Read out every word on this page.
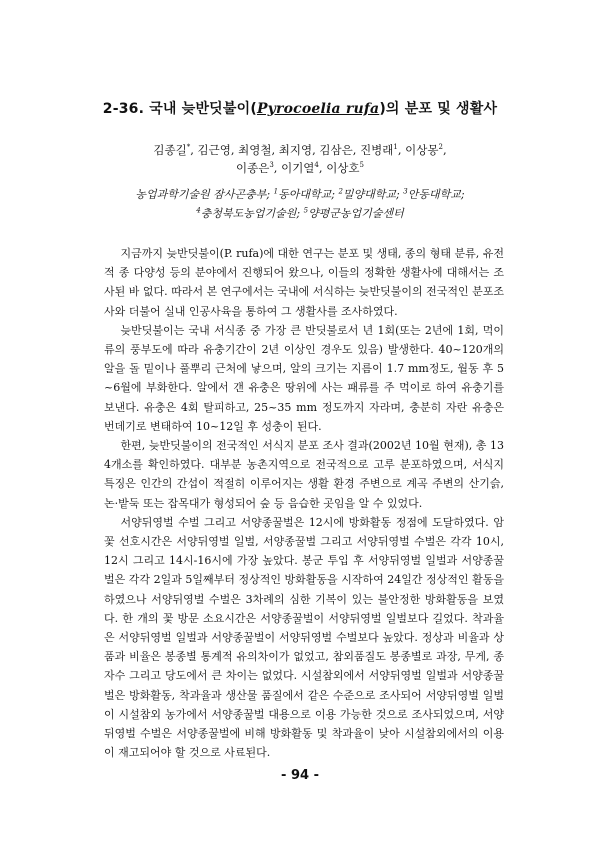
2-36. 국내 늦반딧불이(Pyrocoelia rufa)의 분포 및 생활사
김종길*, 김근영, 최영철, 최지영, 김삼은, 진병래$^1$, 이상몽$^2$,
이종은$^3$, 이기열$^4$, 이상호$^5$
농업과학기술원 잠사곤충부; $^1$동아대학교; $^2$밀양대학교; $^3$안동대학교;
$^4$충청북도농업기술원; $^5$양평군농업기술센터

지금까지 늦반딧불이(P. rufa)에 대한 연구는 분포 및 생태, 종의 형태 분류, 유전적 종 다양성 등의 분야에서 진행되어 왔으나, 이들의 정확한 생활사에 대해서는 조사된 바 없다. 따라서 본 연구에서는 국내에 서식하는 늦반딧불이의 전국적인 분포조사와 더불어 실내 인공사육을 통하여 그 생활사를 조사하였다.

늦반딧불이는 국내 서식종 중 가장 큰 반딧불로서 년 1회(또는 2년에 1회, 먹이류의 풍부도에 따라 유충기간이 2년 이상인 경우도 있음) 발생한다. 40~120개의 알을 돌 밑이나 풀뿌리 근처에 낳으며, 알의 크기는 지름이 1.7 mm정도, 월동 후 5~6월에 부화한다. 알에서 갠 유충은 땅위에 사는 패류를 주 먹이로 하여 유충기를 보낸다. 유충은 4회 탈피하고, 25~35 mm 정도까지 자라며, 충분히 자란 유충은 번데기로 변태하여 10~12일 후 성충이 된다.

한편, 늦반딧불이의 전국적인 서식지 분포 조사 결과(2002년 10월 현재), 총 134개소를 확인하였다. 대부분 농촌지역으로 전국적으로 고루 분포하였으며, 서식지 특징은 인간의 간섭이 적절히 이루어지는 생활 환경 주변으로 계곡 주변의 산기슭, 논·밭둑 또는 잡목대가 형성되어 숲 등 음습한 곳임을 알 수 있었다.

서양뒤영벌 수벌 그리고 서양종꿀벌은 12시에 방화활동 정점에 도달하였다. 암꽃 선호시간은 서양뒤영벌 일벌, 서양종꿀벌 그리고 서양뒤영벌 수벌은 각각 10시, 12시 그리고 14시-16시에 가장 높았다. 봉군 투입 후 서양뒤영벌 일벌과 서양종꿀벌은 각각 2일과 5일째부터 정상적인 방화활동을 시작하여 24일간 정상적인 활동을 하였으나 서양뒤영벌 수벌은 3차례의 심한 기복이 있는 불안정한 방화활동을 보였다. 한 개의 꽃 방문 소요시간은 서양종꿀벌이 서양뒤영벌 일벌보다 길었다. 착과율은 서양뒤영벌 일벌과 서양종꿀벌이 서양뒤영벌 수벌보다 높았다. 정상과 비율과 상품과 비율은 봉종별 통계적 유의차이가 없었고, 참외품질도 봉종별로 과장, 무게, 종자수 그리고 당도에서 큰 차이는 없었다. 시설참외에서 서양뒤영벌 일벌과 서양종꿀벌은 방화활동, 착과율과 생산물 품질에서 같은 수준으로 조사되어 서양뒤영벌 일벌이 시설참외 농가에서 서양종꿀벌 대용으로 이용 가능한 것으로 조사되었으며, 서양뒤영벌 수벌은 서양종꿀벌에 비해 방화활동 및 착과율이 낮아 시설참외에서의 이용이 재고되어야 할 것으로 사료된다.

- 94 -
